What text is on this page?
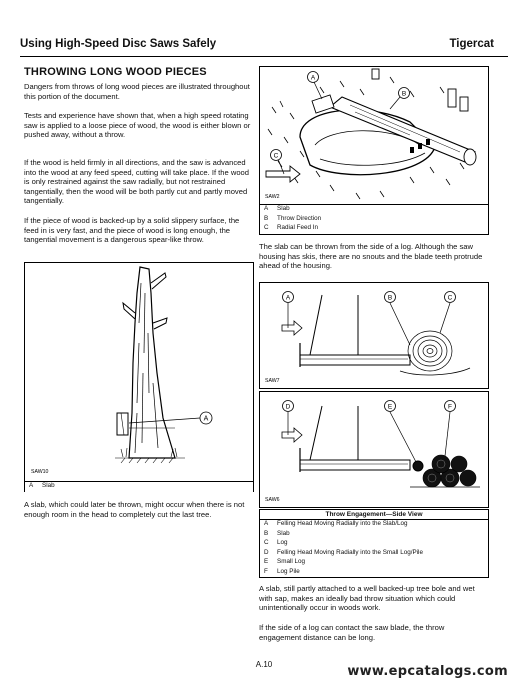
Using High-Speed Disc Saws Safely	Tigercat
THROWING LONG WOOD PIECES
Dangers from throws of long wood pieces are illustrated throughout this portion of the document.
Tests and experience have shown that, when a high speed rotating saw is applied to a loose piece of wood, the wood is either blown or pushed away, without a throw.
If the wood is held firmly in all directions, and the saw is advanced into the wood at any feed speed, cutting will take place. If the wood is only restrained against the saw radially, but not restrained tangentially, then the wood will be both partly cut and partly moved tangentially.
If the piece of wood is backed-up by a solid slippery surface, the feed in is very fast, and the piece of wood is long enough, the tangential movement is a dangerous spear-like throw.
A
SAW10
A Slab
A slab, which could later be thrown, might occur when there is not enough room in the head to completely cut the last tree.
A
B
C
SAW2
A Slab
B Throw Direction
C Radial Feed In
The slab can be thrown from the side of a log. Although the saw housing has skis, there are no snouts and the blade teeth protrude ahead of the housing.
A	B	C
SAW7
D	E	F
SAW6
Throw Engagement—Side View
A Felling Head Moving Radially into the Slab/Log
B Slab
C Log
D Felling Head Moving Radially into the Small Log/Pile
E Small Log
F Log Pile
A slab, still partly attached to a well backed-up tree bole and wet with sap, makes an ideally bad throw situation which could unintentionally occur in woods work.
If the side of a log can contact the saw blade, the throw engagement distance can be long.
A.10	www.epcatalogs.com
